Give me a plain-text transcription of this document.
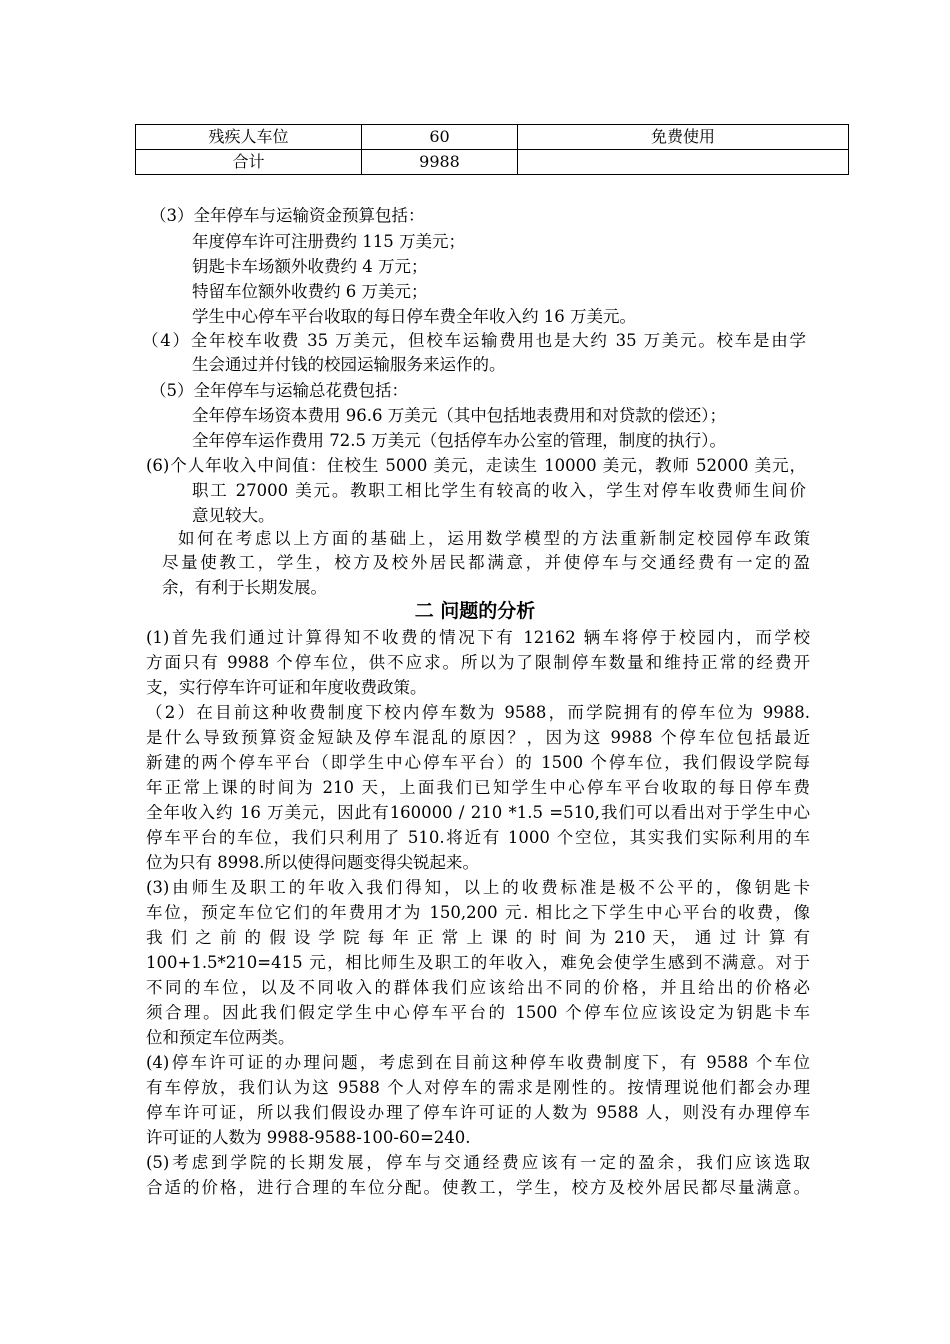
残疾人车位	60	免费使用
合计	9988	
（3）全年停车与运输资金预算包括：
年度停车许可注册费约 115 万美元；
钥匙卡车场额外收费约 4 万元；
特留车位额外收费约 6 万美元；
学生中心停车平台收取的每日停车费全年收入约 16 万美元。
（4）全年校车收费 35 万美元，但校车运输费用也是大约 35 万美元。校车是由学
生会通过并付钱的校园运输服务来运作的。
（5）全年停车与运输总花费包括：
全年停车场资本费用 96.6 万美元（其中包括地表费用和对贷款的偿还）；
全年停车运作费用 72.5 万美元（包括停车办公室的管理，制度的执行）。
(6)个人年收入中间值：住校生 5000 美元，走读生 10000 美元，教师 52000 美元，
职工 27000 美元。教职工相比学生有较高的收入，学生对停车收费师生间价
意见较大。
如何在考虑以上方面的基础上，运用数学模型的方法重新制定校园停车政策
尽量使教工，学生，校方及校外居民都满意，并使停车与交通经费有一定的盈
余，有利于长期发展。
二 问题的分析
(1)首先我们通过计算得知不收费的情况下有 12162 辆车将停于校园内，而学校
方面只有 9988 个停车位，供不应求。所以为了限制停车数量和维持正常的经费开
支，实行停车许可证和年度收费政策。
（2）在目前这种收费制度下校内停车数为 9588，而学院拥有的停车位为 9988.
是什么导致预算资金短缺及停车混乱的原因？，因为这 9988 个停车位包括最近
新建的两个停车平台（即学生中心停车平台）的 1500 个停车位，我们假设学院每
年正常上课的时间为 210 天，上面我们已知学生中心停车平台收取的每日停车费
全年收入约 16 万美元，因此有160000 / 210 *1.5 =510,我们可以看出对于学生中心
停车平台的车位，我们只利用了 510.将近有 1000 个空位，其实我们实际利用的车
位为只有 8998.所以使得问题变得尖锐起来。
(3)由师生及职工的年收入我们得知，以上的收费标准是极不公平的，像钥匙卡
车位，预定车位它们的年费用才为 150,200 元. 相比之下学生中心平台的收费，像
我 们 之 前 的 假 设 学 院 每 年 正 常 上 课 的 时 间 为 210 天， 通 过 计 算 有
100+1.5*210=415 元，相比师生及职工的年收入，难免会使学生感到不满意。对于
不同的车位，以及不同收入的群体我们应该给出不同的价格，并且给出的价格必
须合理。因此我们假定学生中心停车平台的 1500 个停车位应该设定为钥匙卡车
位和预定车位两类。
(4)停车许可证的办理问题，考虑到在目前这种停车收费制度下，有 9588 个车位
有车停放，我们认为这 9588 个人对停车的需求是刚性的。按情理说他们都会办理
停车许可证，所以我们假设办理了停车许可证的人数为 9588 人，则没有办理停车
许可证的人数为 9988-9588-100-60=240.
(5)考虑到学院的长期发展，停车与交通经费应该有一定的盈余，我们应该选取
合适的价格，进行合理的车位分配。使教工，学生，校方及校外居民都尽量满意。
